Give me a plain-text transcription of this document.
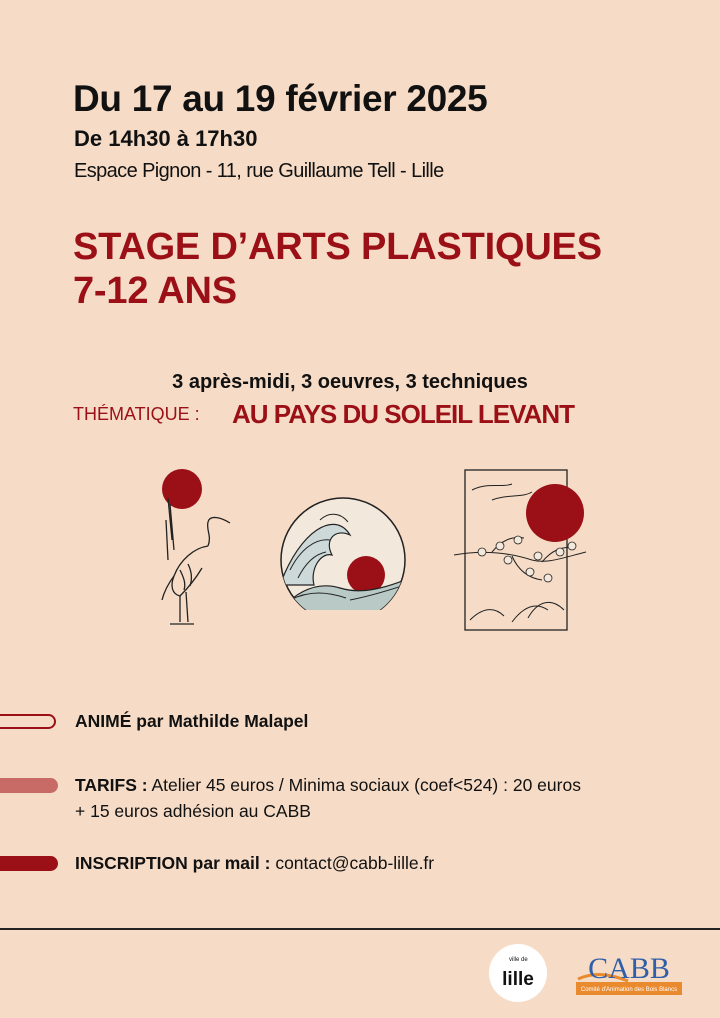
Du 17 au 19 février 2025
De 14h30 à 17h30
Espace Pignon - 11, rue Guillaume Tell - Lille
STAGE D’ARTS PLASTIQUES
7-12 ANS
3 après-midi, 3 oeuvres, 3 techniques
THÉMATIQUE : AU PAYS DU SOLEIL LEVANT
ANIMÉ par Mathilde Malapel
TARIFS : Atelier 45 euros / Minima sociaux (coef<524) : 20 euros
+ 15 euros adhésion au CABB
INSCRIPTION par mail : contact@cabb-lille.fr
ville de
lille CABB
Comité d'Animation des Bois Blancs
